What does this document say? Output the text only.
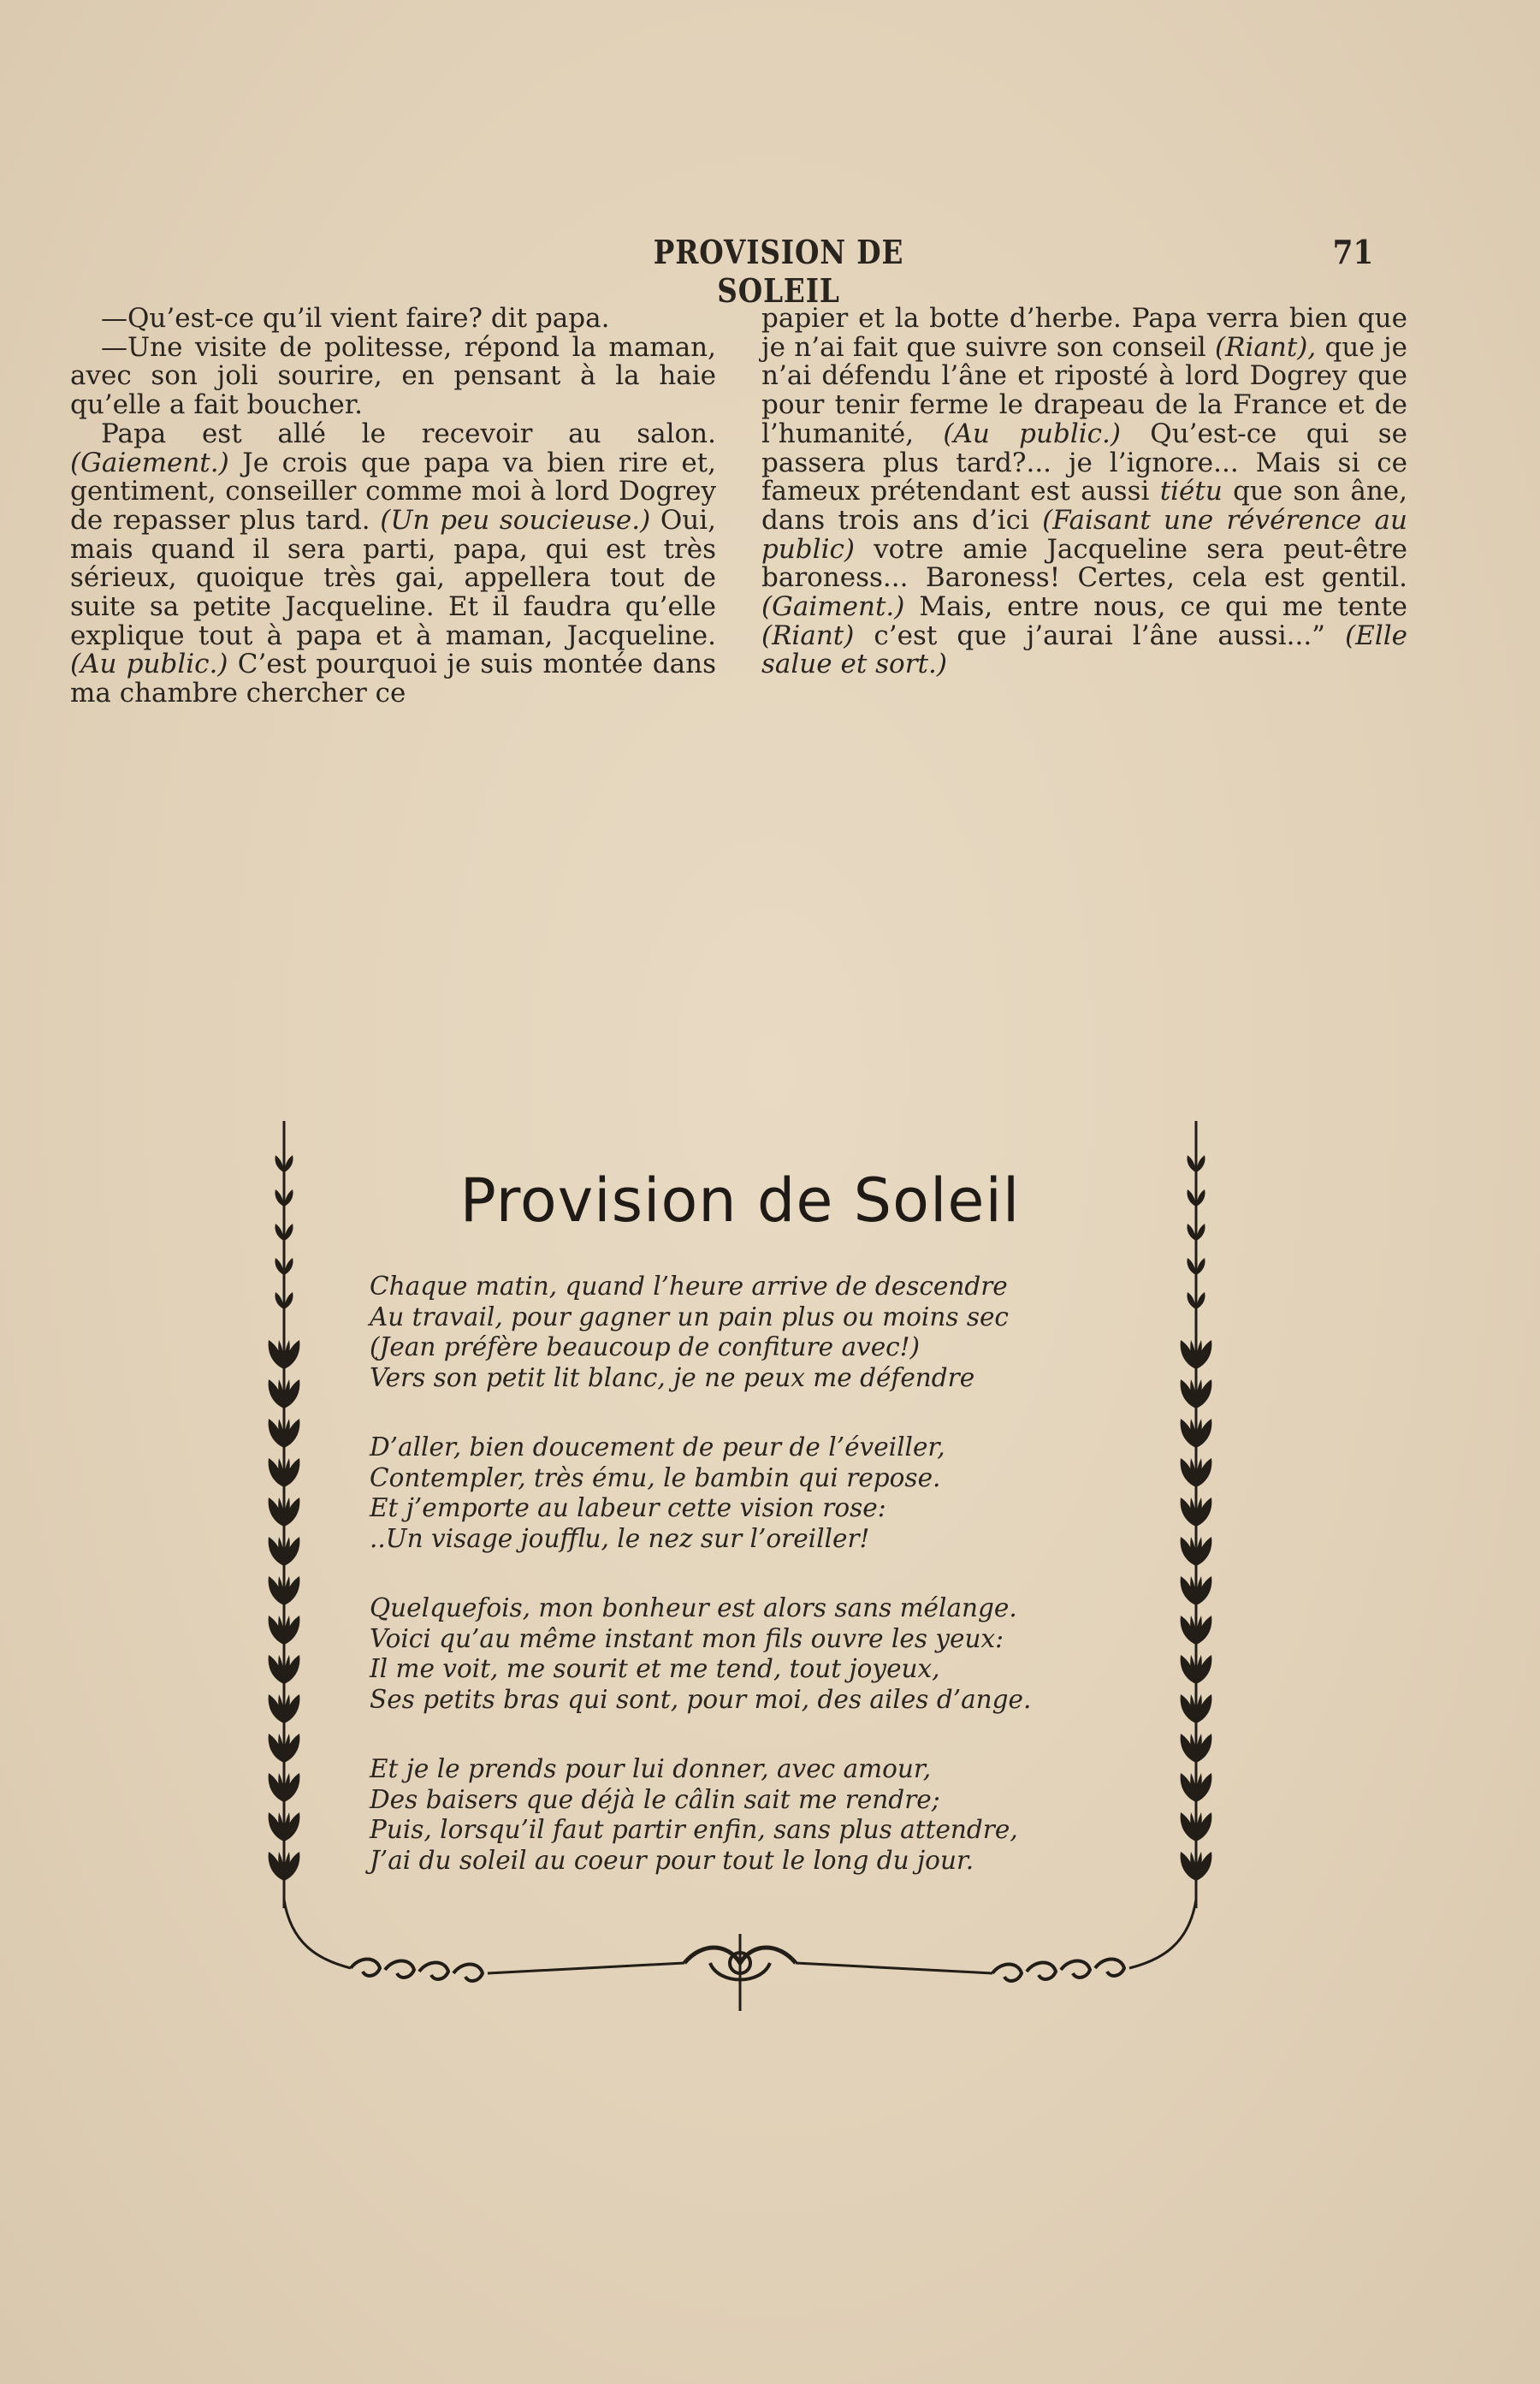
PROVISION DE SOLEIL
71

—Qu’est-ce qu’il vient faire? dit papa.

—Une visite de politesse, répond la maman, avec son joli sourire, en pensant à la haie qu’elle a fait boucher.

Papa est allé le recevoir au salon. (Gaiement.) Je crois que papa va bien rire et, gentiment, conseiller comme moi à lord Dogrey de repasser plus tard. (Un peu soucieuse.) Oui, mais quand il sera parti, papa, qui est très sérieux, quoique très gai, appellera tout de suite sa petite Jacqueline. Et il faudra qu’elle explique tout à papa et à maman, Jacqueline. (Au public.) C’est pourquoi je suis montée dans ma chambre chercher ce

papier et la botte d’herbe. Papa verra bien que je n’ai fait que suivre son conseil (Riant), que je n’ai défendu l’âne et riposté à lord Dogrey que pour tenir ferme le drapeau de la France et de l’humanité, (Au public.) Qu’est-ce qui se passera plus tard?... je l’ignore... Mais si ce fameux prétendant est aussi tiétu que son âne, dans trois ans d’ici (Faisant une révérence au public) votre amie Jacqueline sera peut-être baroness... Baroness! Certes, cela est gentil. (Gaiment.) Mais, entre nous, ce qui me tente (Riant) c’est que j’aurai l’âne aussi...” (Elle salue et sort.)

Provision de Soleil
Chaque matin, quand l’heure arrive de descendre
Au travail, pour gagner un pain plus ou moins sec
(Jean préfère beaucoup de confiture avec!)
Vers son petit lit blanc, je ne peux me défendre
D’aller, bien doucement de peur de l’éveiller,
Contempler, très ému, le bambin qui repose.
Et j’emporte au labeur cette vision rose:
..Un visage joufflu, le nez sur l’oreiller!
Quelquefois, mon bonheur est alors sans mélange.
Voici qu’au même instant mon fils ouvre les yeux:
Il me voit, me sourit et me tend, tout joyeux,
Ses petits bras qui sont, pour moi, des ailes d’ange.
Et je le prends pour lui donner, avec amour,
Des baisers que déjà le câlin sait me rendre;
Puis, lorsqu’il faut partir enfin, sans plus attendre,
J’ai du soleil au coeur pour tout le long du jour.
